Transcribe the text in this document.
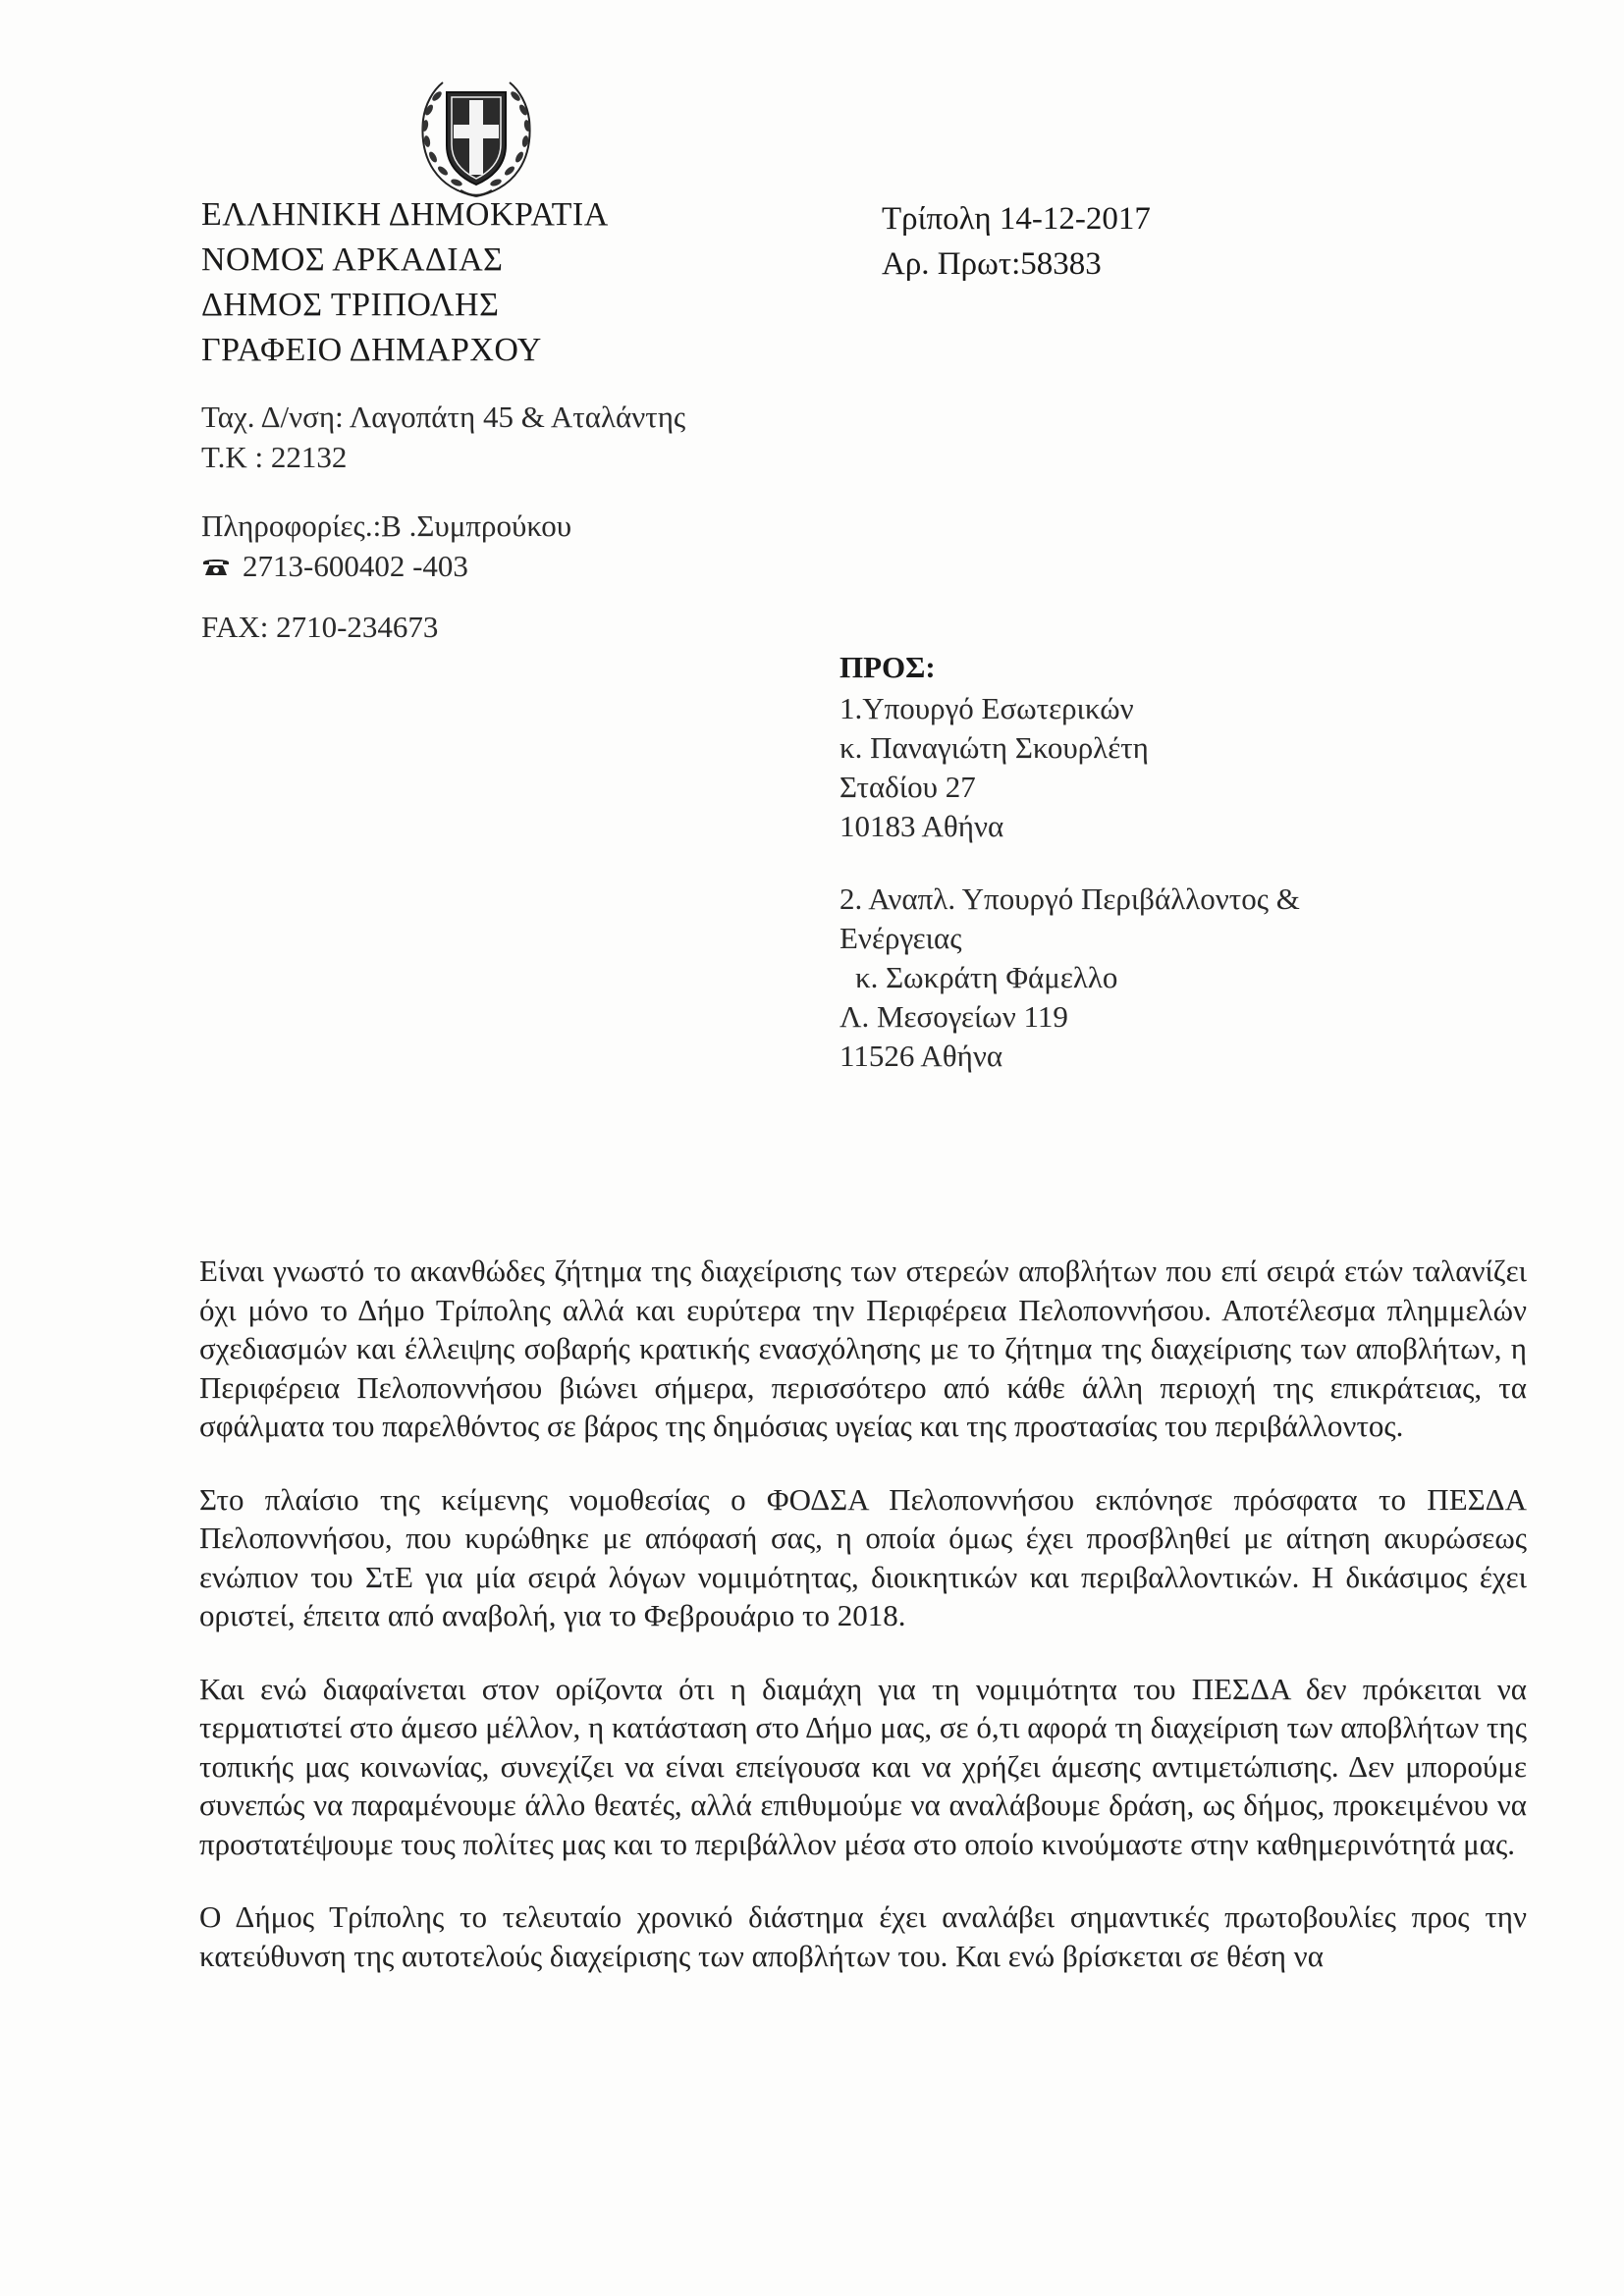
ΕΛΛΗΝΙΚΗ ΔΗΜΟΚΡΑΤΙΑ
ΝΟΜΟΣ ΑΡΚΑΔΙΑΣ
ΔΗΜΟΣ ΤΡΙΠΟΛΗΣ
ΓΡΑΦΕΙΟ ΔΗΜΑΡΧΟΥ
Τρίπολη 14-12-2017
Αρ. Πρωτ:58383
Ταχ. Δ/νση: Λαγοπάτη 45 & Αταλάντης
Τ.Κ : 22132
Πληροφορίες.:Β .Συμπρούκου
2713-600402 -403
FAX: 2710-234673
ΠΡΟΣ:
1.Υπουργό Εσωτερικών
κ. Παναγιώτη Σκουρλέτη
Σταδίου 27
10183 Αθήνα
2. Αναπλ. Υπουργό Περιβάλλοντος &
Ενέργειας
κ. Σωκράτη Φάμελλο
Λ. Μεσογείων 119
11526 Αθήνα

Είναι γνωστό το ακανθώδες ζήτημα της διαχείρισης των στερεών αποβλήτων που επί σειρά ετών ταλανίζει όχι μόνο το Δήμο Τρίπολης αλλά και ευρύτερα την Περιφέρεια Πελοποννήσου. Αποτέλεσμα πλημμελών σχεδιασμών και έλλειψης σοβαρής κρατικής ενασχόλησης με το ζήτημα της διαχείρισης των αποβλήτων, η Περιφέρεια Πελοποννήσου βιώνει σήμερα, περισσότερο από κάθε άλλη περιοχή της επικράτειας, τα σφάλματα του παρελθόντος σε βάρος της δημόσιας υγείας και της προστασίας του περιβάλλοντος.

Στο πλαίσιο της κείμενης νομοθεσίας ο ΦΟΔΣΑ Πελοποννήσου εκπόνησε πρόσφατα το ΠΕΣΔΑ Πελοποννήσου, που κυρώθηκε με απόφασή σας, η οποία όμως έχει προσβληθεί με αίτηση ακυρώσεως ενώπιον του ΣτΕ για μία σειρά λόγων νομιμότητας, διοικητικών και περιβαλλοντικών. Η δικάσιμος έχει οριστεί, έπειτα από αναβολή, για το Φεβρουάριο το 2018.

Και ενώ διαφαίνεται στον ορίζοντα ότι η διαμάχη για τη νομιμότητα του ΠΕΣΔΑ δεν πρόκειται να τερματιστεί στο άμεσο μέλλον, η κατάσταση στο Δήμο μας, σε ό,τι αφορά τη διαχείριση των αποβλήτων της τοπικής μας κοινωνίας, συνεχίζει να είναι επείγουσα και να χρήζει άμεσης αντιμετώπισης. Δεν μπορούμε συνεπώς να παραμένουμε άλλο θεατές, αλλά επιθυμούμε να αναλάβουμε δράση, ως δήμος, προκειμένου να προστατέψουμε τους πολίτες μας και το περιβάλλον μέσα στο οποίο κινούμαστε στην καθημερινότητά μας.

Ο Δήμος Τρίπολης το τελευταίο χρονικό διάστημα έχει αναλάβει σημαντικές πρωτοβουλίες προς την κατεύθυνση της αυτοτελούς διαχείρισης των αποβλήτων του. Και ενώ βρίσκεται σε θέση να
